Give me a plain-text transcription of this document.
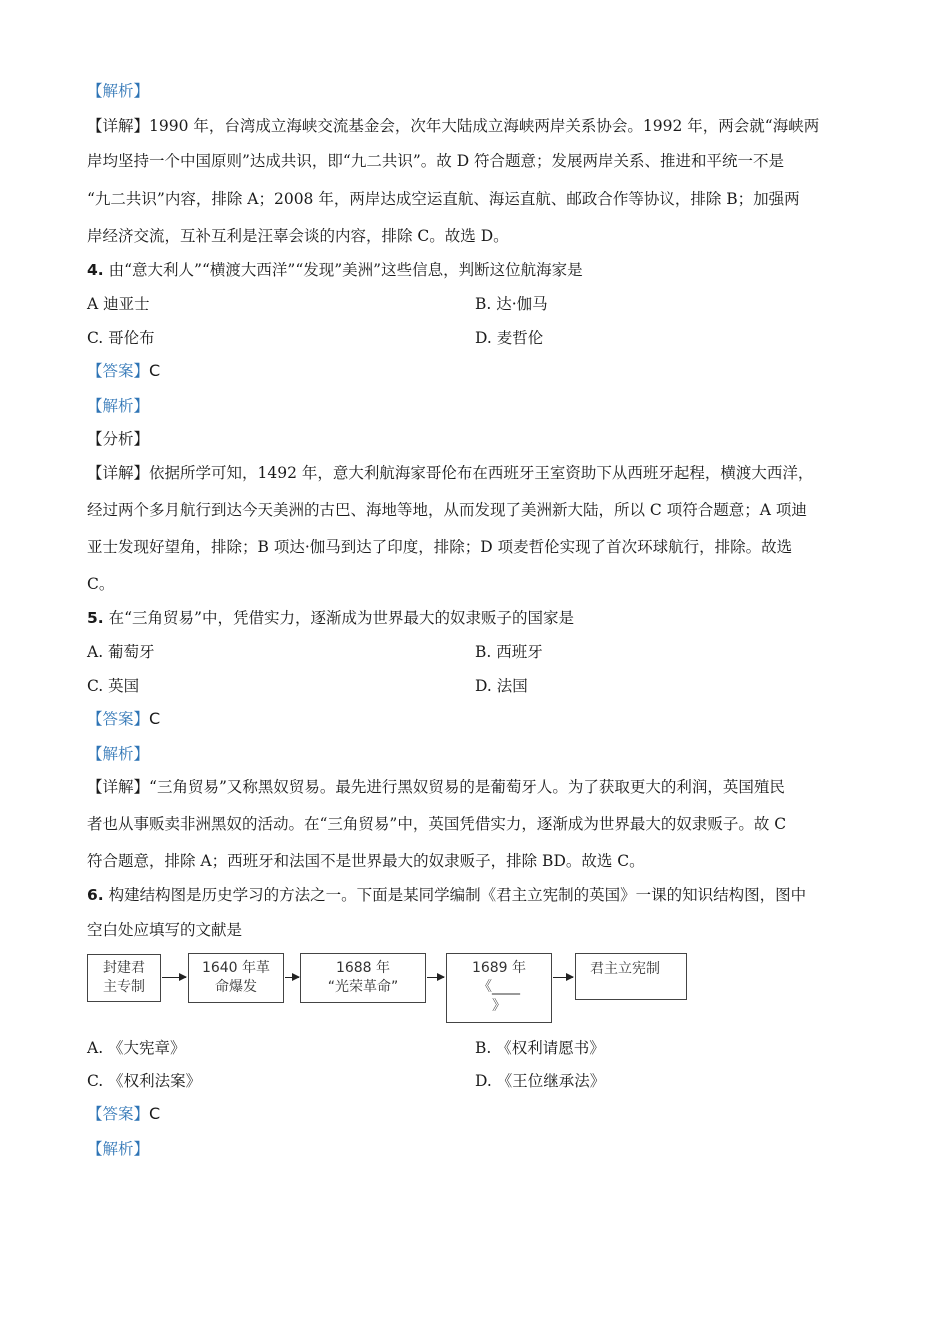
【解析】
【详解】1990 年，台湾成立海峡交流基金会，次年大陆成立海峡两岸关系协会。1992 年，两会就“海峡两
岸均坚持一个中国原则”达成共识，即“九二共识”。故 D 符合题意；发展两岸关系、推进和平统一不是
“九二共识”内容，排除 A；2008 年，两岸达成空运直航、海运直航、邮政合作等协议，排除 B；加强两
岸经济交流，互补互利是汪辜会谈的内容，排除 C。故选 D。
4. 由“意大利人”“横渡大西洋”“发现”美洲”这些信息，判断这位航海家是
A 迪亚士	B. 达·伽马
C. 哥伦布	D. 麦哲伦
【答案】C
【解析】
【分析】
【详解】依据所学可知，1492 年，意大利航海家哥伦布在西班牙王室资助下从西班牙起程，横渡大西洋，
经过两个多月航行到达今天美洲的古巴、海地等地，从而发现了美洲新大陆，所以 C 项符合题意；A 项迪
亚士发现好望角，排除；B 项达·伽马到达了印度，排除；D 项麦哲伦实现了首次环球航行，排除。故选
C。
5. 在“三角贸易”中，凭借实力，逐渐成为世界最大的奴隶贩子的国家是
A. 葡萄牙	B. 西班牙
C. 英国	D. 法国
【答案】C
【解析】
【详解】“三角贸易”又称黑奴贸易。最先进行黑奴贸易的是葡萄牙人。为了获取更大的利润，英国殖民
者也从事贩卖非洲黑奴的活动。在“三角贸易”中，英国凭借实力，逐渐成为世界最大的奴隶贩子。故 C
符合题意，排除 A；西班牙和法国不是世界最大的奴隶贩子，排除 BD。故选 C。
6. 构建结构图是历史学习的方法之一。下面是某同学编制《君主立宪制的英国》一课的知识结构图，图中
空白处应填写的文献是
封建君
主专制
1640 年革
命爆发
1688 年
“光荣革命”
1689 年
《____
》
君主立宪制
A. 《大宪章》	B. 《权利请愿书》
C. 《权利法案》	D. 《王位继承法》
【答案】C
【解析】
